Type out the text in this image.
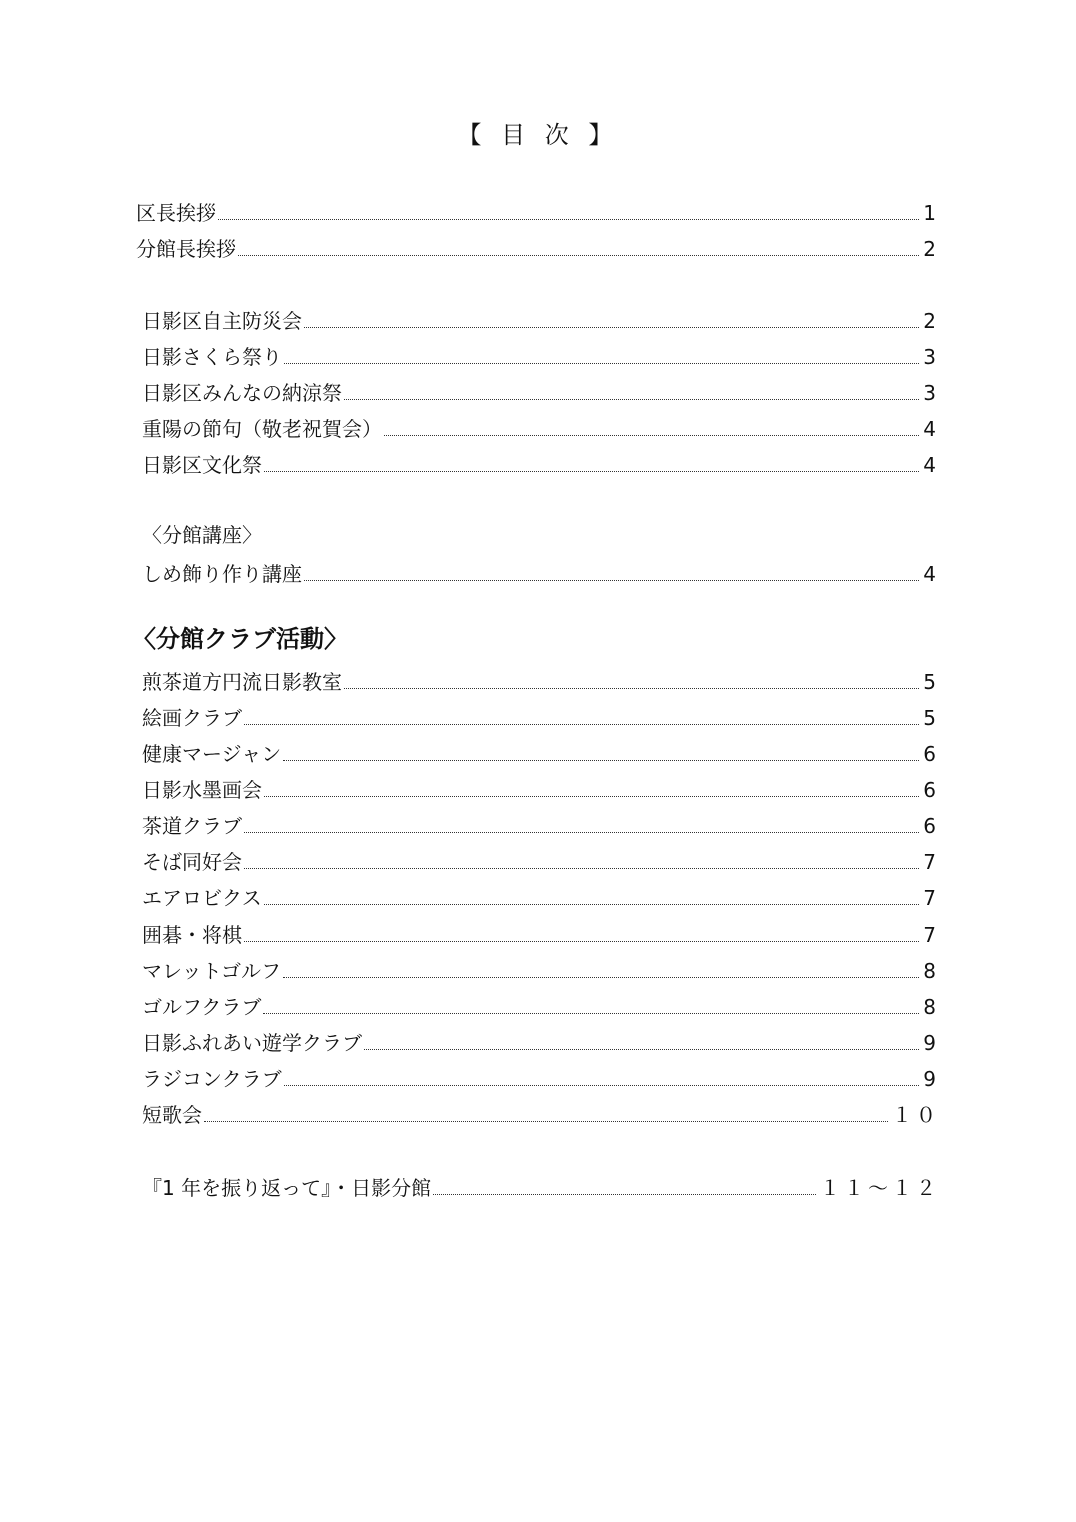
【 目 次 】
区長挨拶	1
分館長挨拶	2
日影区自主防災会	2
日影さくら祭り	3
日影区みんなの納涼祭	3
重陽の節句（敬老祝賀会）	4
日影区文化祭	4
〈分館講座〉
しめ飾り作り講座	4
〈分館クラブ活動〉
煎茶道方円流日影教室	5
絵画クラブ	5
健康マージャン	6
日影水墨画会	6
茶道クラブ	6
そば同好会	7
エアロビクス	7
囲碁・将棋	7
マレットゴルフ	8
ゴルフクラブ	8
日影ふれあい遊学クラブ	9
ラジコンクラブ	9
短歌会	１０
『1 年を振り返って』・日影分館	１１～１２
